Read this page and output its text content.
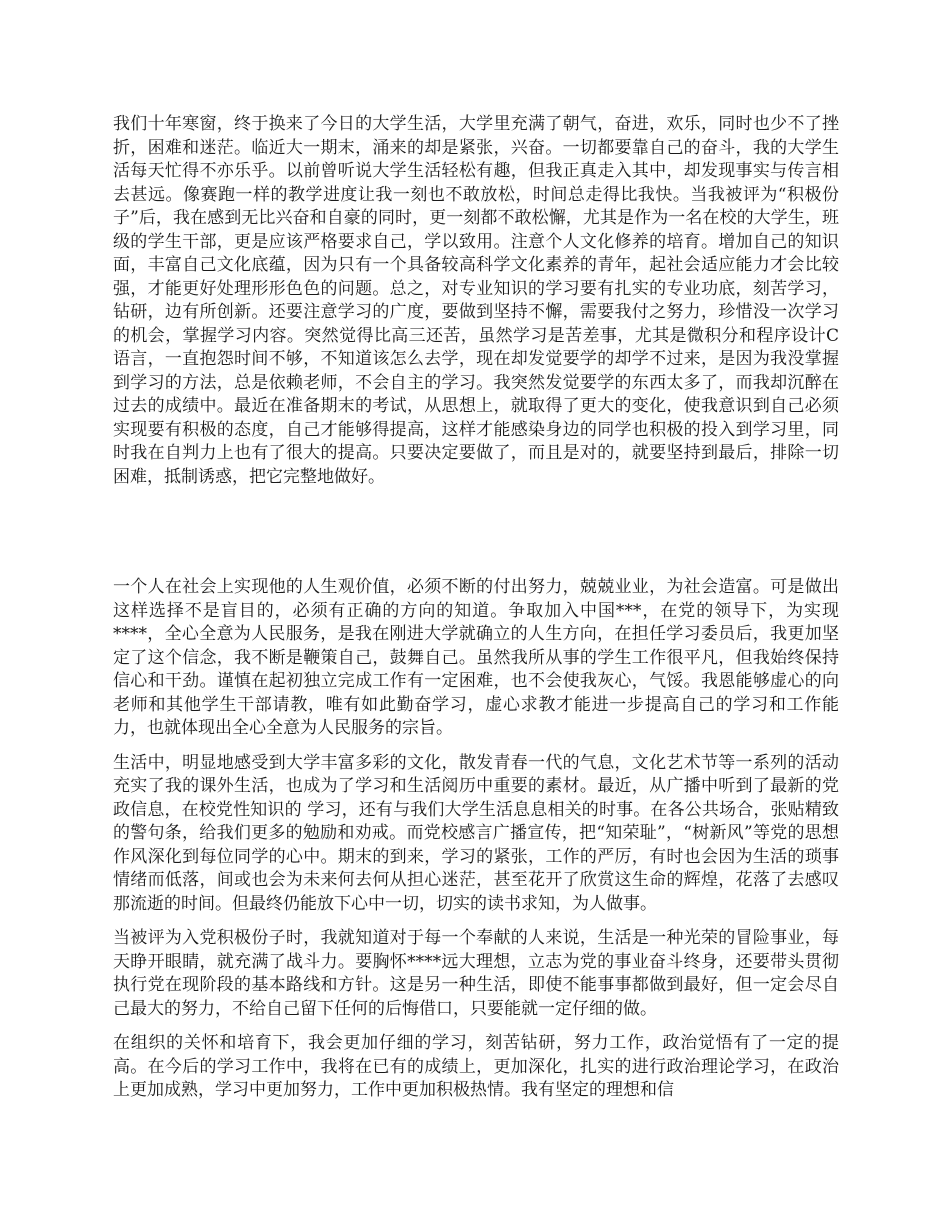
我们十年寒窗，终于换来了今日的大学生活，大学里充满了朝气，奋进，欢乐，同时也少不了挫折，困难和迷茫。临近大一期末，涌来的却是紧张，兴奋。一切都要靠自己的奋斗，我的大学生活每天忙得不亦乐乎。以前曾听说大学生活轻松有趣，但我正真走入其中，却发现事实与传言相去甚远。像赛跑一样的教学进度让我一刻也不敢放松，时间总走得比我快。当我被评为“积极份子”后，我在感到无比兴奋和自豪的同时，更一刻都不敢松懈，尤其是作为一名在校的大学生，班级的学生干部，更是应该严格要求自己，学以致用。注意个人文化修养的培育。增加自己的知识面，丰富自己文化底蕴，因为只有一个具备较高科学文化素养的青年，起社会适应能力才会比较强，才能更好处理形形色色的问题。总之，对专业知识的学习要有扎实的专业功底，刻苦学习，钻研，边有所创新。还要注意学习的广度，要做到坚持不懈，需要我付之努力，珍惜没一次学习的机会，掌握学习内容。突然觉得比高三还苦，虽然学习是苦差事，尤其是微积分和程序设计C语言，一直抱怨时间不够，不知道该怎么去学，现在却发觉要学的却学不过来，是因为我没掌握到学习的方法，总是依赖老师，不会自主的学习。我突然发觉要学的东西太多了，而我却沉醉在过去的成绩中。最近在准备期末的考试，从思想上，就取得了更大的变化，使我意识到自己必须实现要有积极的态度，自己才能够得提高，这样才能感染身边的同学也积极的投入到学习里，同时我在自判力上也有了很大的提高。只要决定要做了，而且是对的，就要坚持到最后，排除一切困难，抵制诱惑，把它完整地做好。

一个人在社会上实现他的人生观价值，必须不断的付出努力，兢兢业业，为社会造富。可是做出这样选择不是盲目的，必须有正确的方向的知道。争取加入中国***，在党的领导下，为实现****，全心全意为人民服务，是我在刚进大学就确立的人生方向，在担任学习委员后，我更加坚定了这个信念，我不断是鞭策自己，鼓舞自己。虽然我所从事的学生工作很平凡，但我始终保持信心和干劲。谨慎在起初独立完成工作有一定困难，也不会使我灰心，气馁。我恩能够虚心的向老师和其他学生干部请教，唯有如此勤奋学习，虚心求教才能进一步提高自己的学习和工作能力，也就体现出全心全意为人民服务的宗旨。

生活中，明显地感受到大学丰富多彩的文化，散发青春一代的气息，文化艺术节等一系列的活动充实了我的课外生活，也成为了学习和生活阅历中重要的素材。最近，从广播中听到了最新的党政信息，在校党性知识的 学习，还有与我们大学生活息息相关的时事。在各公共场合，张贴精致的警句条，给我们更多的勉励和劝戒。而党校感言广播宣传，把“知荣耻”，“树新风”等党的思想作风深化到每位同学的心中。期末的到来，学习的紧张，工作的严厉，有时也会因为生活的琐事情绪而低落，间或也会为未来何去何从担心迷茫，甚至花开了欣赏这生命的辉煌，花落了去感叹那流逝的时间。但最终仍能放下心中一切，切实的读书求知，为人做事。

当被评为入党积极份子时，我就知道对于每一个奉献的人来说，生活是一种光荣的冒险事业，每天睁开眼睛，就充满了战斗力。要胸怀****远大理想，立志为党的事业奋斗终身，还要带头贯彻执行党在现阶段的基本路线和方针。这是另一种生活，即使不能事事都做到最好，但一定会尽自己最大的努力，不给自己留下任何的后悔借口，只要能就一定仔细的做。

在组织的关怀和培育下，我会更加仔细的学习，刻苦钻研，努力工作，政治觉悟有了一定的提高。在今后的学习工作中，我将在已有的成绩上，更加深化，扎实的进行政治理论学习，在政治上更加成熟，学习中更加努力，工作中更加积极热情。我有坚定的理想和信
